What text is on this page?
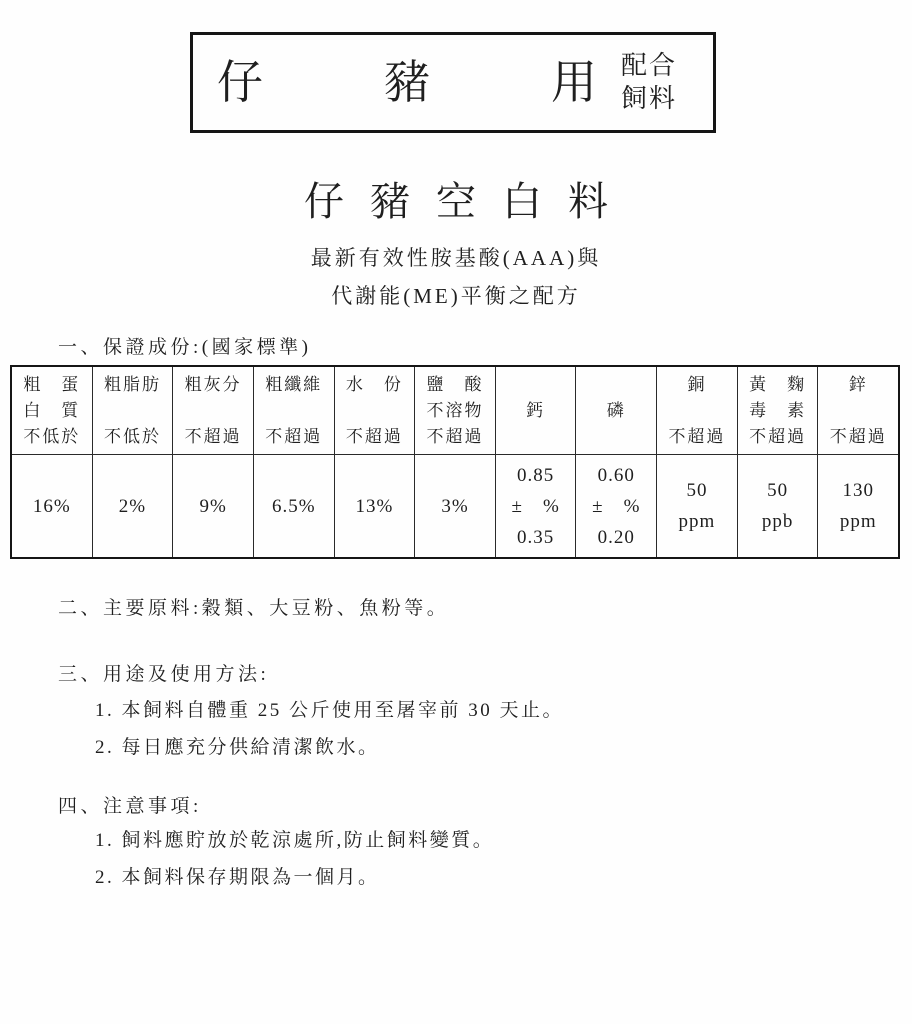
仔	豬	用 配合
飼料
仔豬空白料
最新有效性胺基酸(AAA)與
代謝能(ME)平衡之配方
一、保證成份:(國家標準)
粗　蛋
白　質
不低於
16%
粗脂肪
不低於
2%
粗灰分
不超過
9%
粗纖維
不超過
6.5%
水　份
不超過
13%
鹽　酸
不溶物
不超過
3%
鈣
0.85
±　%
0.35
磷
0.60
±　%
0.20
銅
不超過
50
ppm
黃　麴
毒　素
不超過
50
ppb
鋅
不超過
130
ppm
二、主要原料:穀類、大豆粉、魚粉等。
三、用途及使用方法:
1. 本飼料自體重 25 公斤使用至屠宰前 30 天止。
2. 每日應充分供給清潔飲水。
四、注意事項:
1. 飼料應貯放於乾涼處所,防止飼料變質。
2. 本飼料保存期限為一個月。
